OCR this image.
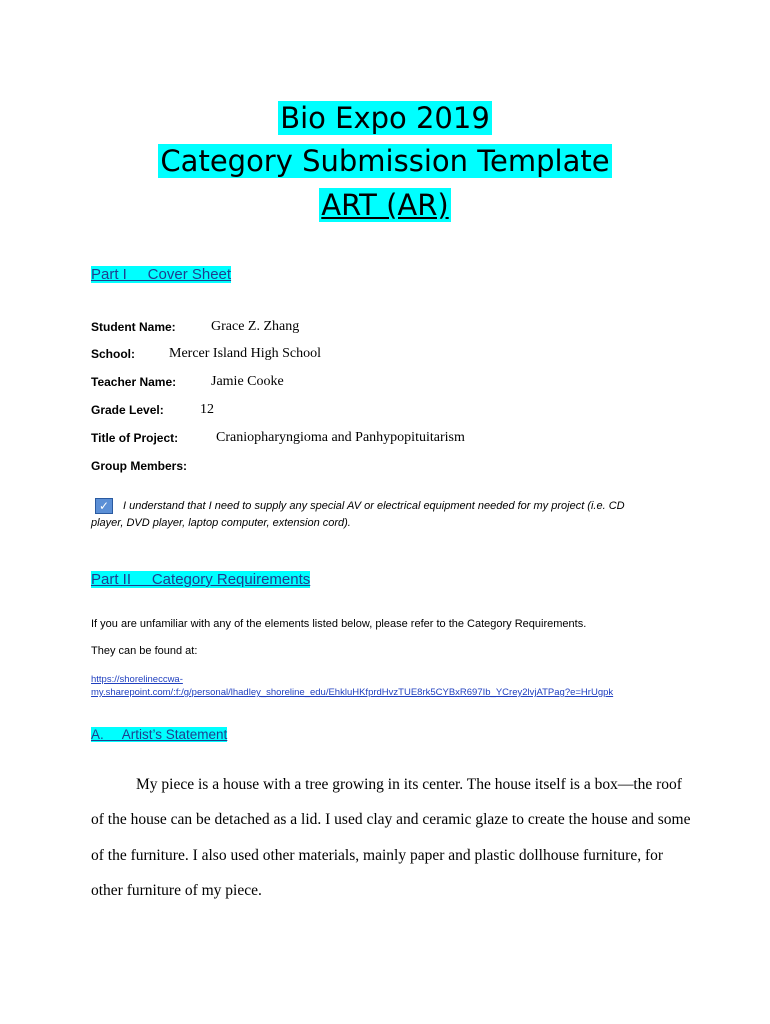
Bio Expo 2019
Category Submission Template
ART (AR)
Part I     Cover Sheet
Student Name:	Grace Z. Zhang
School: Mercer Island High School
Teacher Name: Jamie Cooke
Grade Level:	12
Title of Project:	Craniopharyngioma and Panhypopituitarism
Group Members:
✓	I understand that I need to supply any special AV or electrical equipment needed for my project (i.e. CD
player, DVD player, laptop computer, extension cord).
Part II     Category Requirements
If you are unfamiliar with any of the elements listed below, please refer to the Category Requirements.
They can be found at:
https://shorelineccwa-
my.sharepoint.com/:f:/g/personal/lhadley_shoreline_edu/EhkluHKfprdHvzTUE8rk5CYBxR697Ib_YCrey2lvjATPag?e=HrUgpk
A.     Artist’s Statement
My piece is a house with a tree growing in its center. The house itself is a box—the roof
of the house can be detached as a lid. I used clay and ceramic glaze to create the house and some
of the furniture. I also used other materials, mainly paper and plastic dollhouse furniture, for
other furniture of my piece.
